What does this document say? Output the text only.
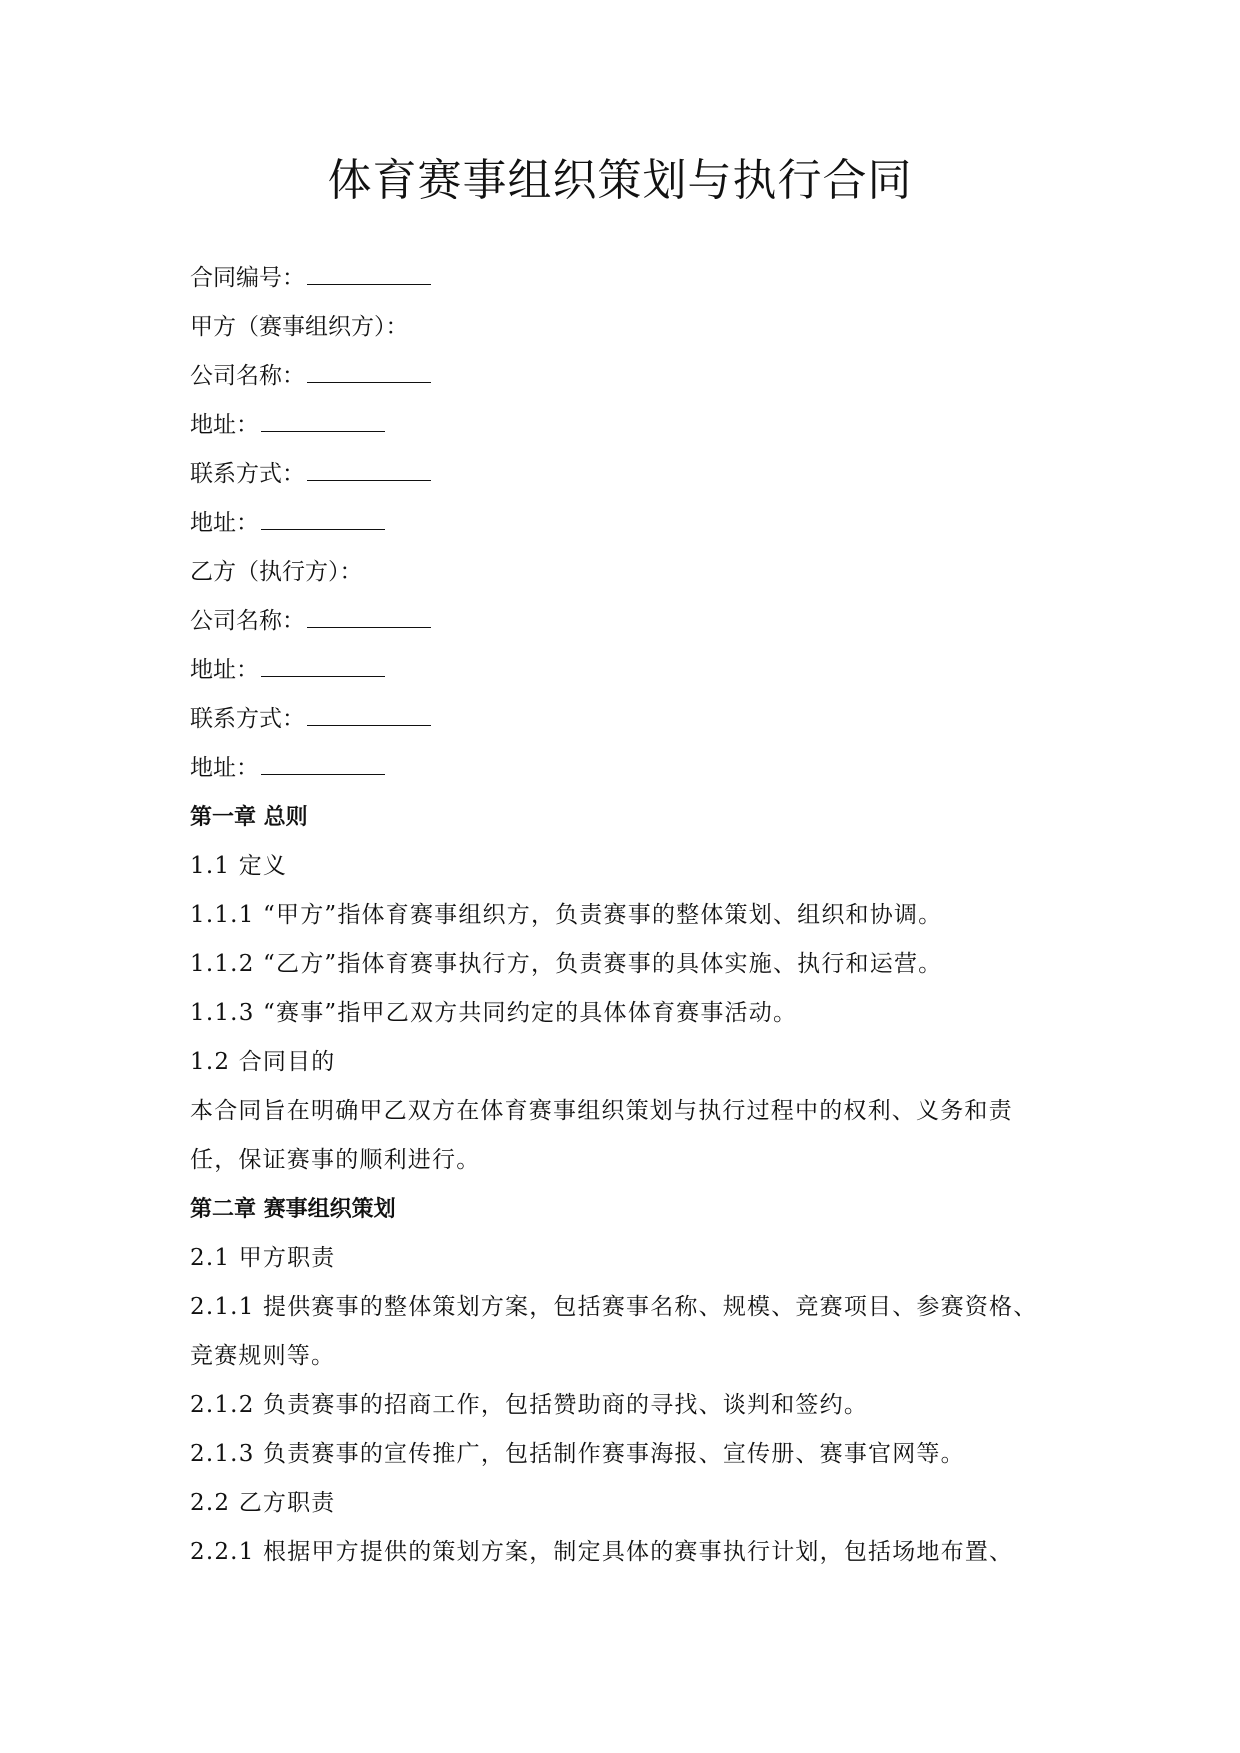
体育赛事组织策划与执行合同

合同编号：

甲方（赛事组织方）：

公司名称：

地址：

联系方式：

地址：

乙方（执行方）：

公司名称：

地址：

联系方式：

地址：

第一章 总则

1.1 定义

1.1.1 “甲方”指体育赛事组织方，负责赛事的整体策划、组织和协调。

1.1.2 “乙方”指体育赛事执行方，负责赛事的具体实施、执行和运营。

1.1.3 “赛事”指甲乙双方共同约定的具体体育赛事活动。

1.2 合同目的

本合同旨在明确甲乙双方在体育赛事组织策划与执行过程中的权利、义务和责任，保证赛事的顺利进行。

第二章 赛事组织策划

2.1 甲方职责

2.1.1 提供赛事的整体策划方案，包括赛事名称、规模、竞赛项目、参赛资格、竞赛规则等。

2.1.2 负责赛事的招商工作，包括赞助商的寻找、谈判和签约。

2.1.3 负责赛事的宣传推广，包括制作赛事海报、宣传册、赛事官网等。

2.2 乙方职责

2.2.1 根据甲方提供的策划方案，制定具体的赛事执行计划，包括场地布置、
